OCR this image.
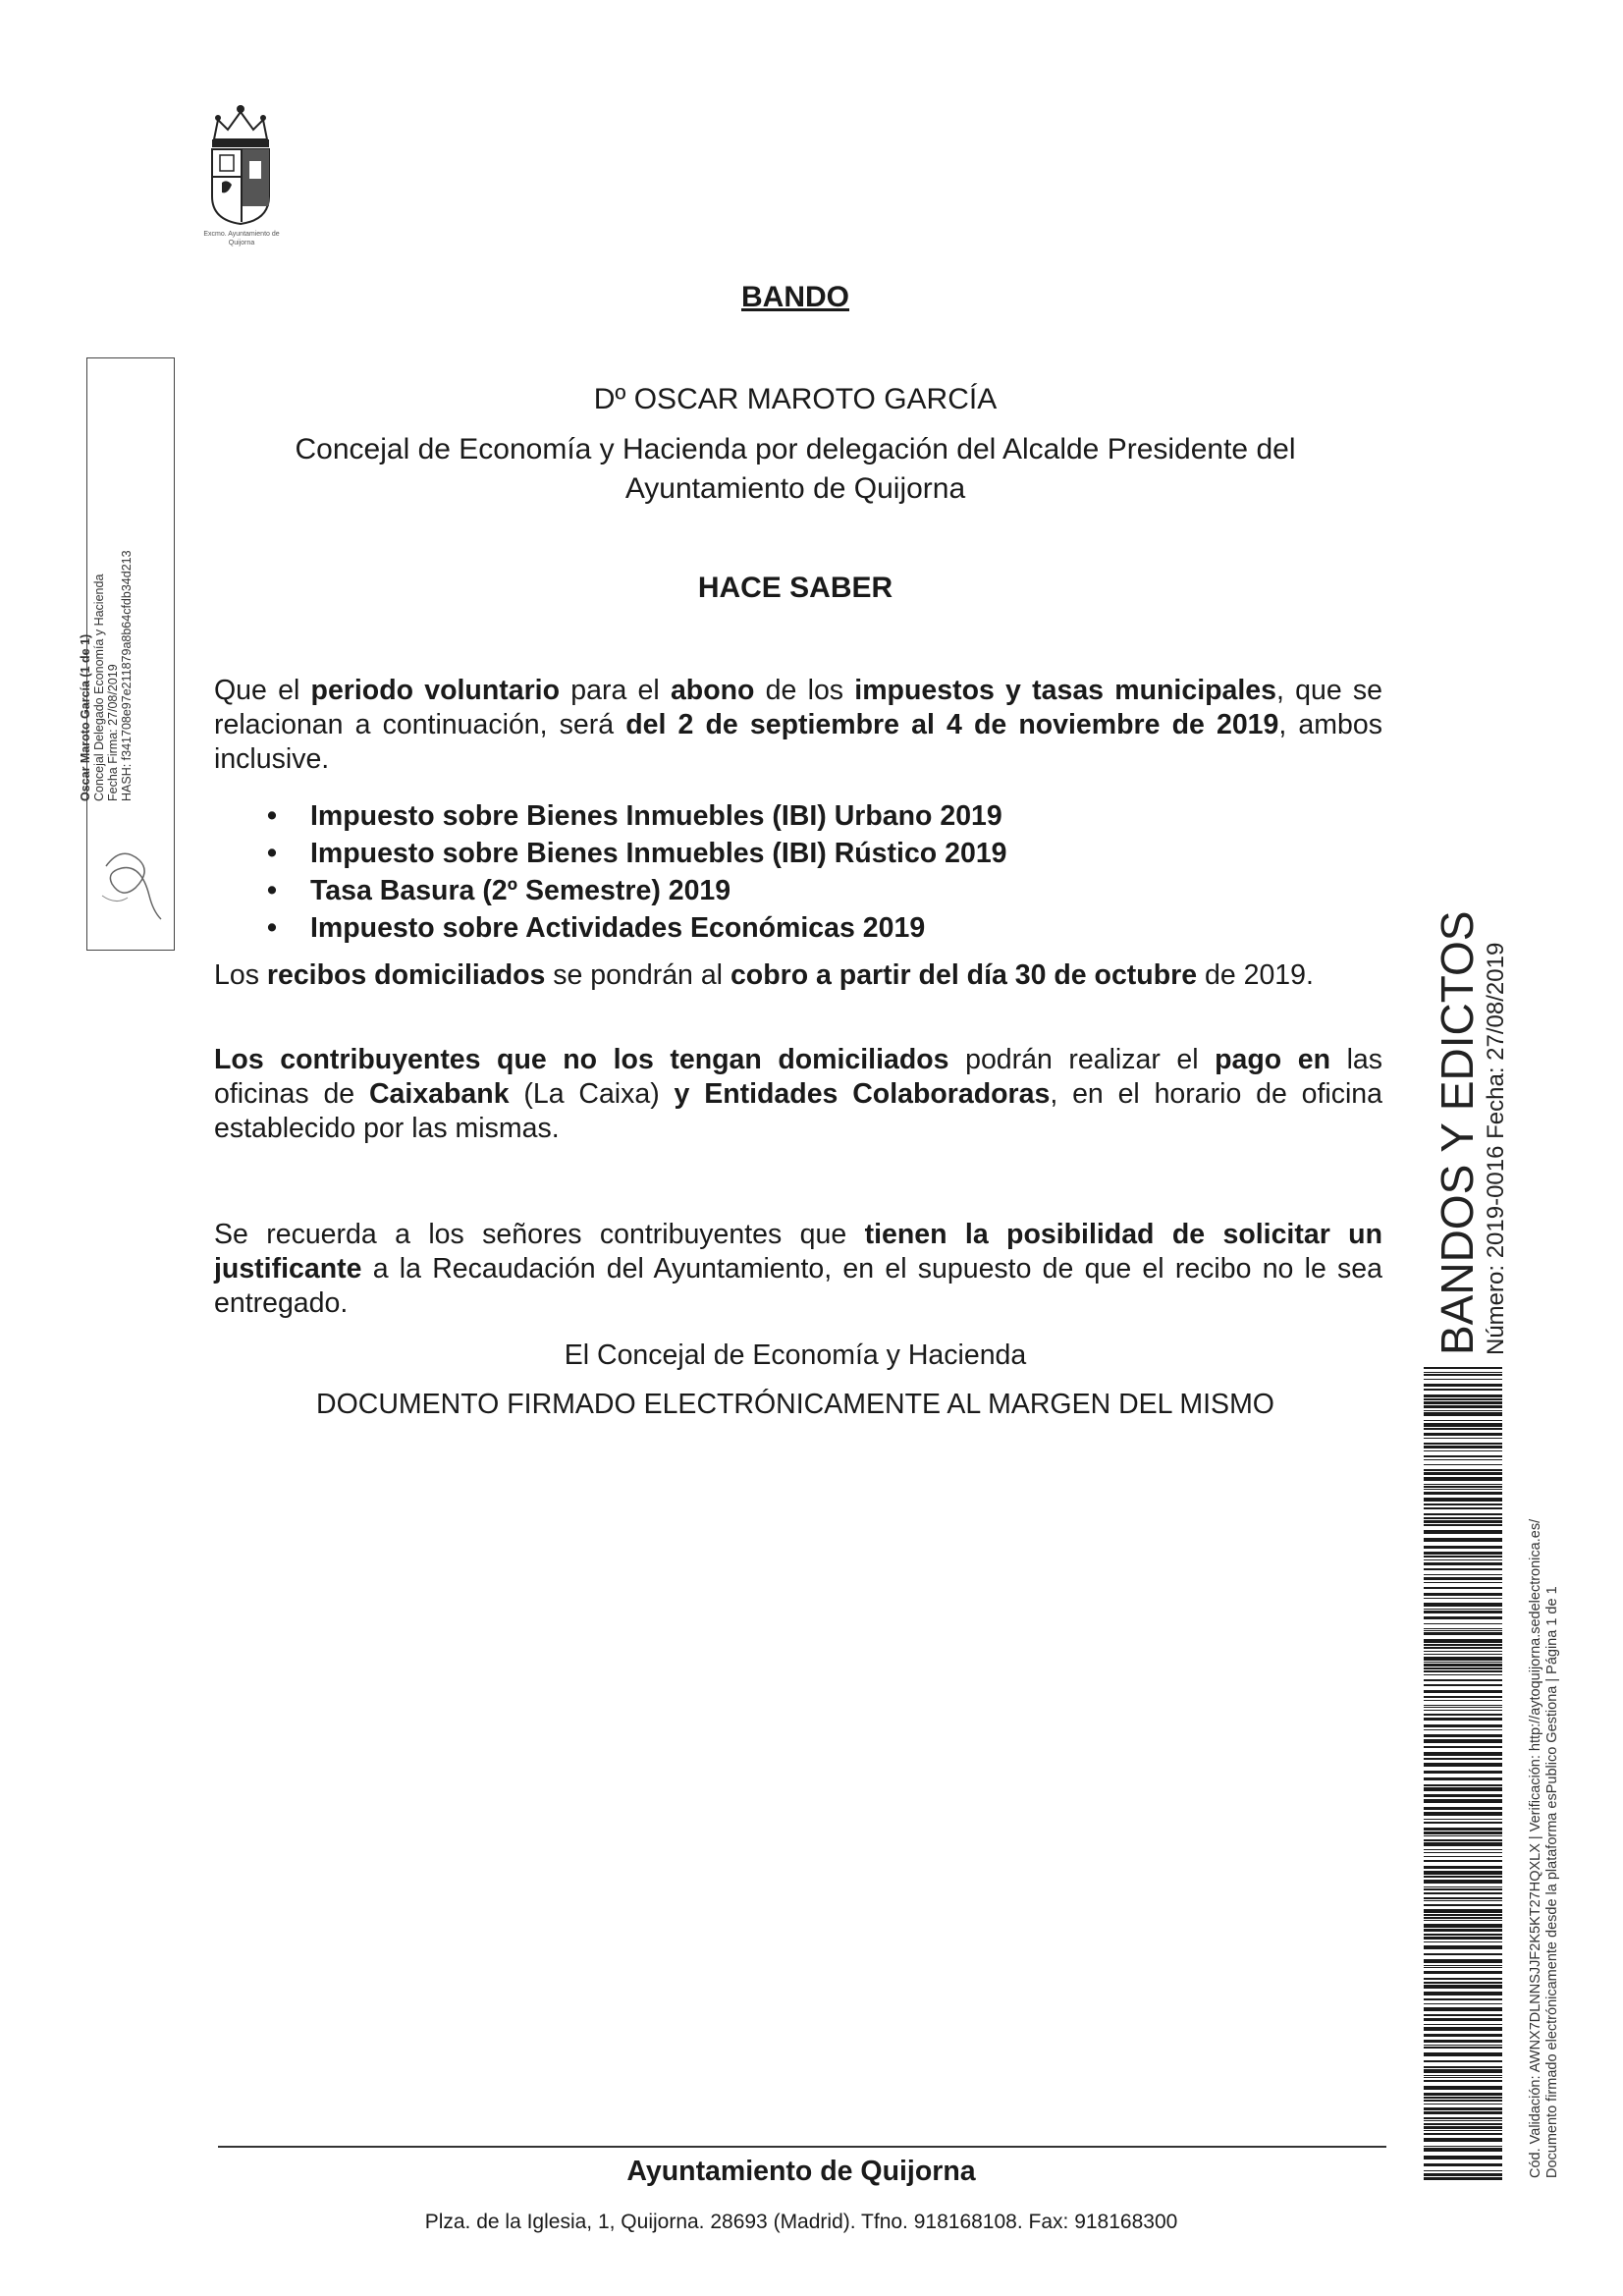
Excmo. Ayuntamiento de Quijorna
Oscar Maroto García (1 de 1) Concejal Delegado Economía y Hacienda Fecha Firma: 27/08/2019 HASH: f341708e97e211879a8b64cfdb34d213
BANDO
Dº OSCAR MAROTO GARCÍA
Concejal de Economía y Hacienda por delegación del Alcalde Presidente del
Ayuntamiento de Quijorna
HACE SABER
Que el periodo voluntario para el abono de los impuestos y tasas municipales, que se relacionan a continuación, será del 2 de septiembre al 4 de noviembre de 2019, ambos inclusive.
• Impuesto sobre Bienes Inmuebles (IBI) Urbano 2019
• Impuesto sobre Bienes Inmuebles (IBI) Rústico 2019
• Tasa Basura (2º Semestre) 2019
• Impuesto sobre Actividades Económicas 2019
Los recibos domiciliados se pondrán al cobro a partir del día 30 de octubre de 2019.
Los contribuyentes que no los tengan domiciliados podrán realizar el pago en las oficinas de Caixabank (La Caixa) y Entidades Colaboradoras, en el horario de oficina establecido por las mismas.
Se recuerda a los señores contribuyentes que tienen la posibilidad de solicitar un justificante a la Recaudación del Ayuntamiento, en el supuesto de que el recibo no le sea entregado.
El Concejal de Economía y Hacienda
DOCUMENTO FIRMADO ELECTRÓNICAMENTE AL MARGEN DEL MISMO
BANDOS Y EDICTOS Número: 2019-0016 Fecha: 27/08/2019
Cód. Validación: AWNX7DLNNSJJF2K5KT27HQXLX | Verificación: http://aytoquijorna.sedelectronica.es/ Documento firmado electrónicamente desde la plataforma esPublico Gestiona | Página 1 de 1
Ayuntamiento de Quijorna
Plza. de la Iglesia, 1, Quijorna. 28693 (Madrid). Tfno. 918168108. Fax: 918168300
